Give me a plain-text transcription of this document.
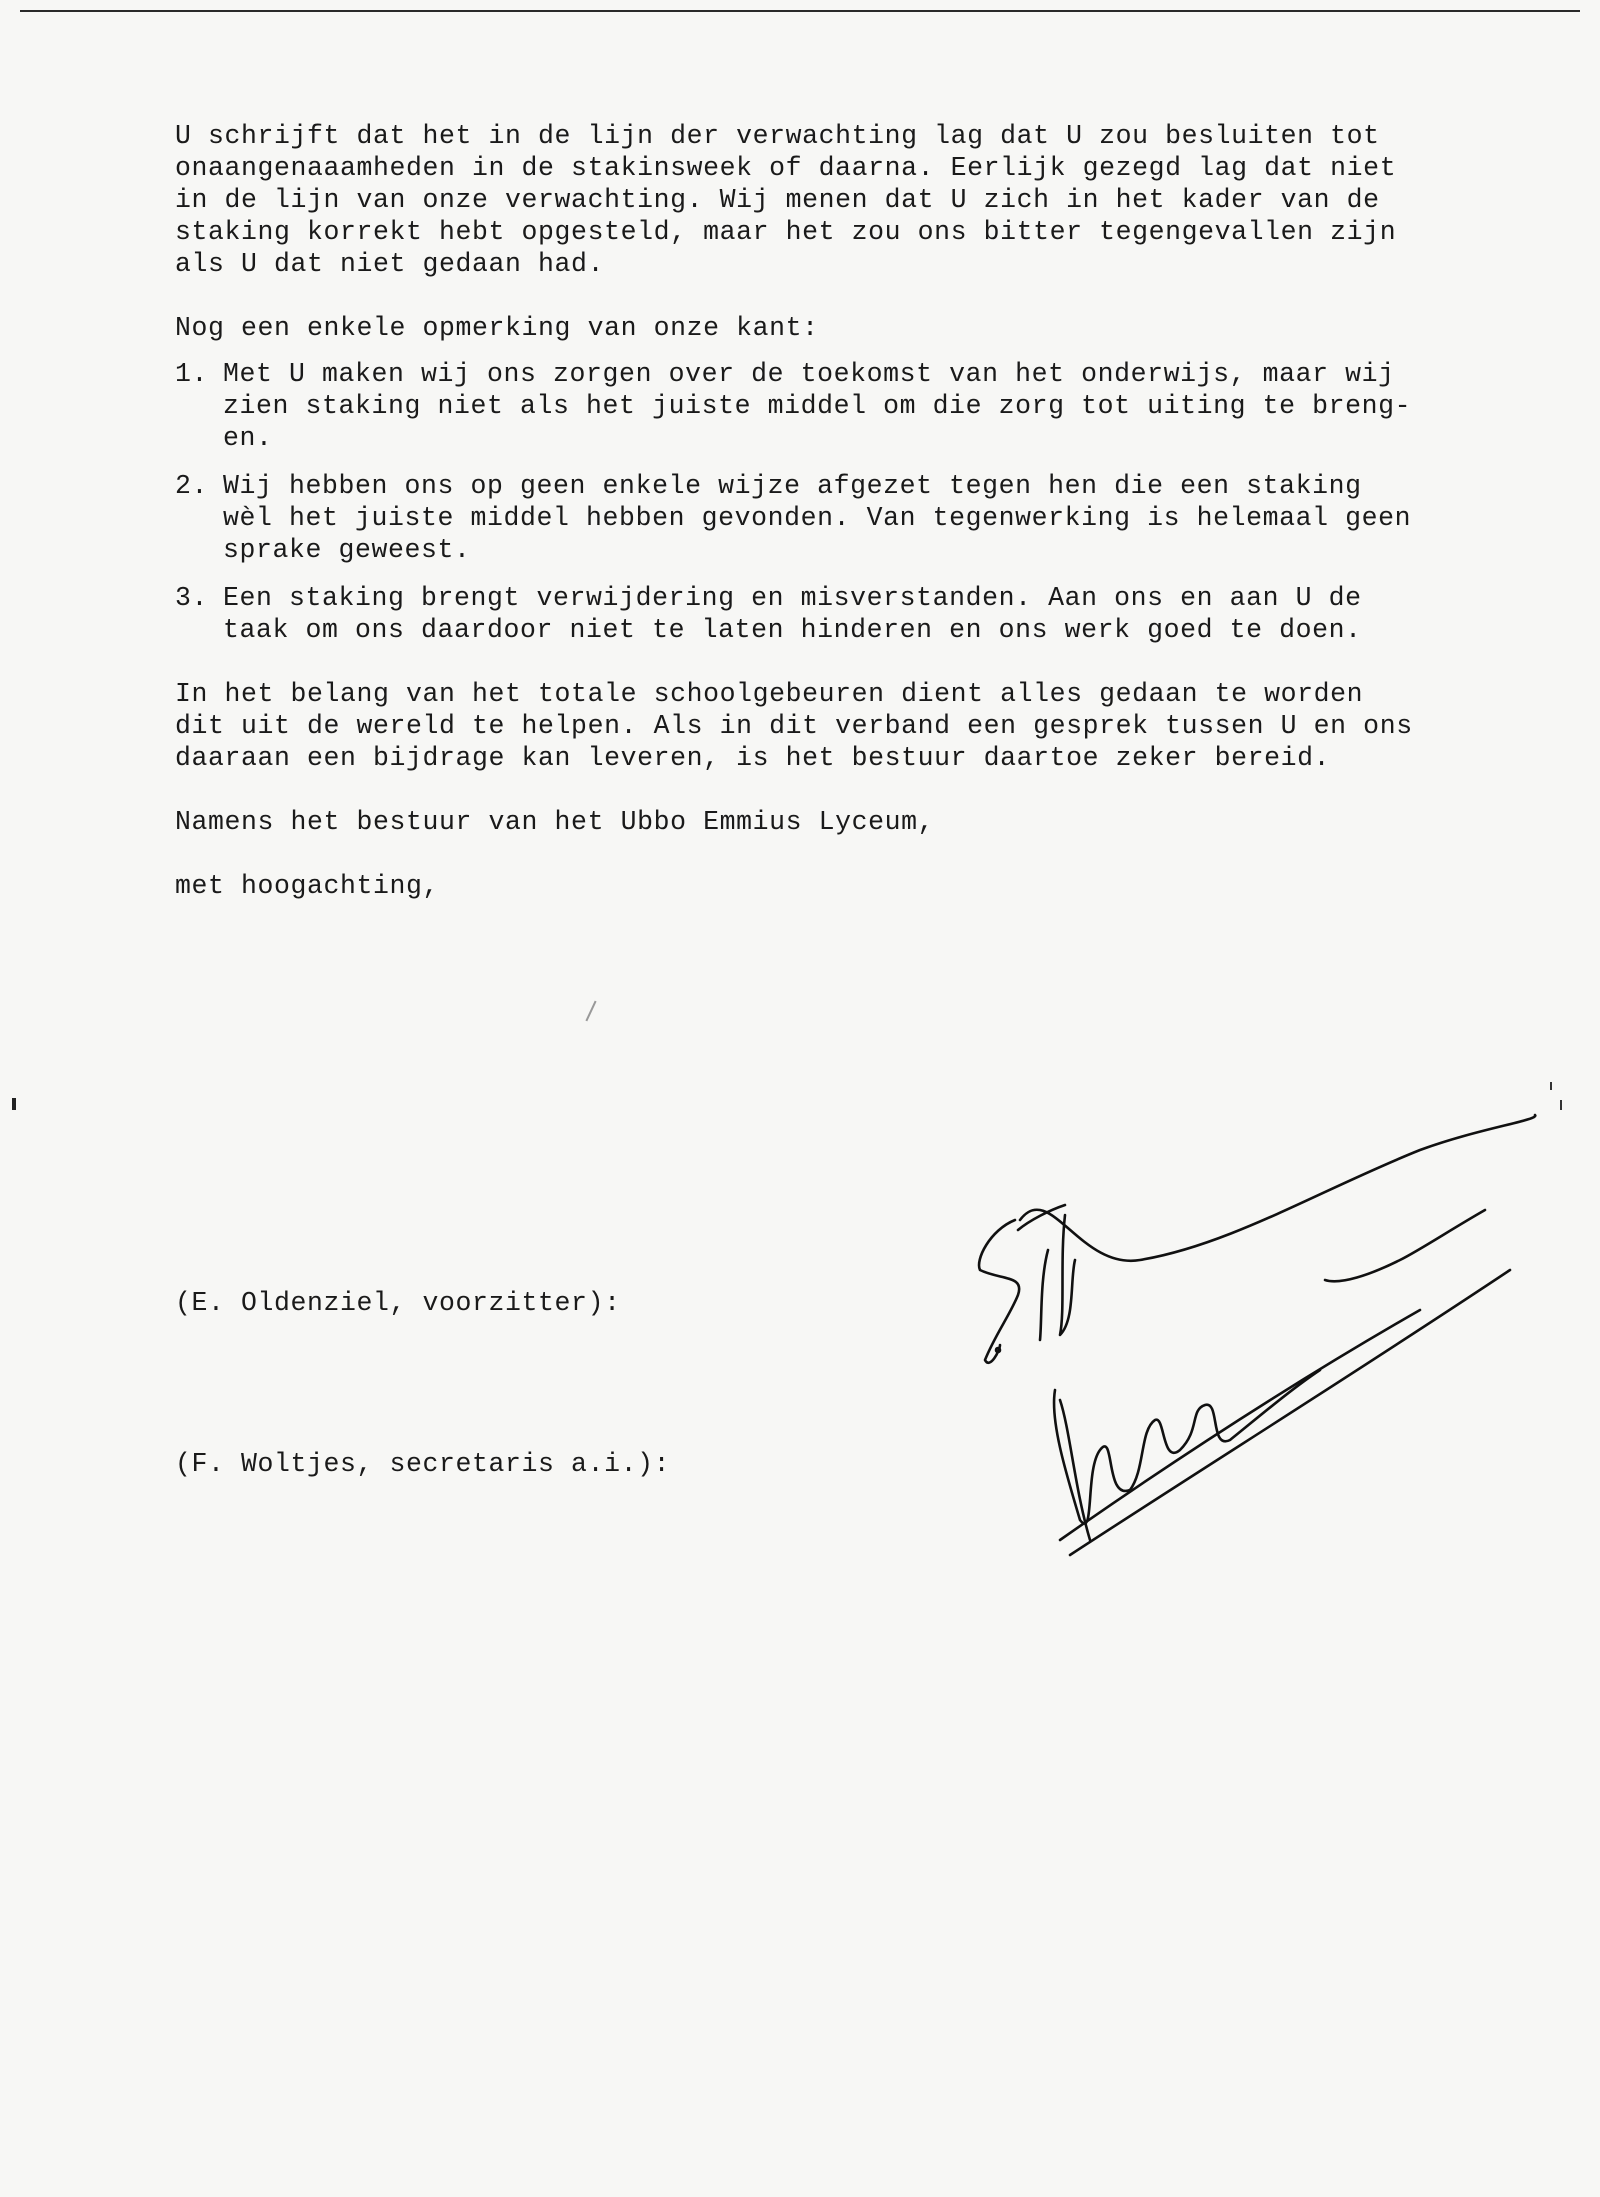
U schrijft dat het in de lijn der verwachting lag dat U zou besluiten tot
onaangenaaamheden in de stakinsweek of daarna. Eerlijk gezegd lag dat niet
in de lijn van onze verwachting. Wij menen dat U zich in het kader van de
staking korrekt hebt opgesteld, maar het zou ons bitter tegengevallen zijn
als U dat niet gedaan had.

Nog een enkele opmerking van onze kant:

1. Met U maken wij ons zorgen over de toekomst van het onderwijs, maar wij
zien staking niet als het juiste middel om die zorg tot uiting te breng-
en.
2. Wij hebben ons op geen enkele wijze afgezet tegen hen die een staking
wèl het juiste middel hebben gevonden. Van tegenwerking is helemaal geen
sprake geweest.
3. Een staking brengt verwijdering en misverstanden. Aan ons en aan U de
taak om ons daardoor niet te laten hinderen en ons werk goed te doen.

In het belang van het totale schoolgebeuren dient alles gedaan te worden
dit uit de wereld te helpen. Als in dit verband een gesprek tussen U en ons
daaraan een bijdrage kan leveren, is het bestuur daartoe zeker bereid.

Namens het bestuur van het Ubbo Emmius Lyceum,

met hoogachting,

(E. Oldenziel, voorzitter):
(F. Woltjes, secretaris a.i.):
